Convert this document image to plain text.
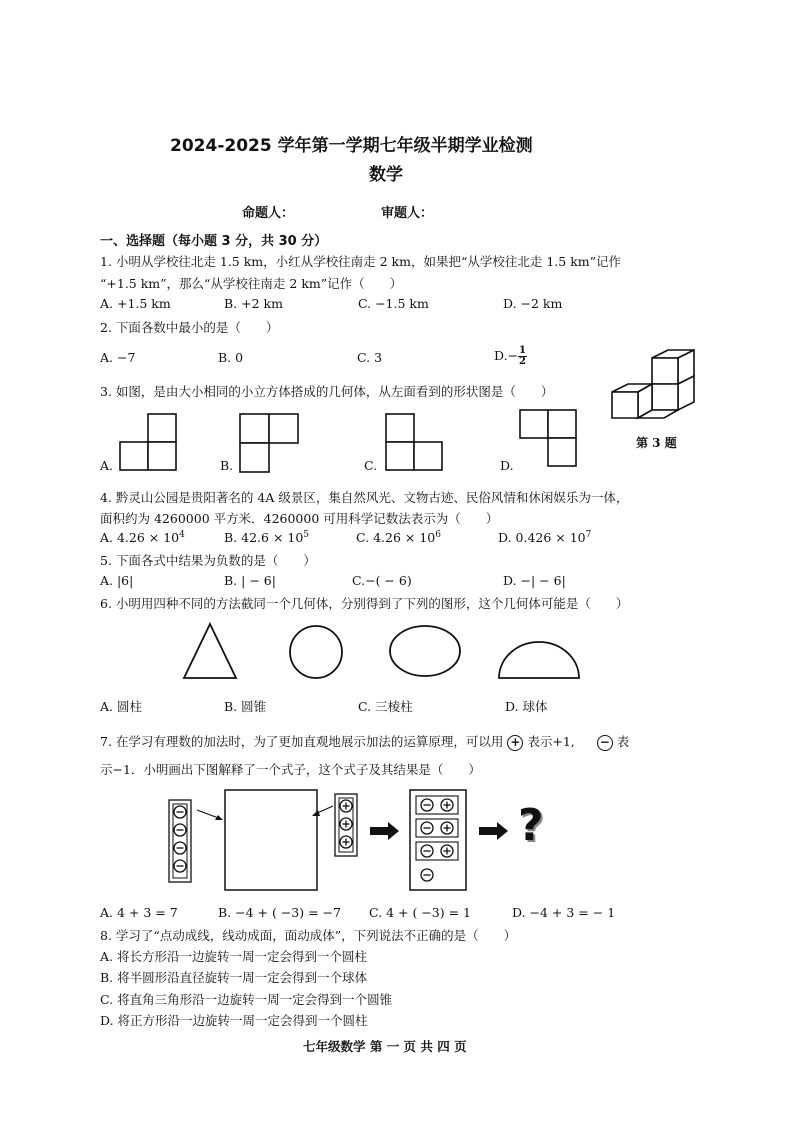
2024-2025 学年第一学期七年级半期学业检测
数学
命题人：	审题人：
一、选择题（每小题 3 分，共 30 分）
1. 小明从学校往北走 1.5 km，小红从学校往南走 2 km，如果把“从学校往北走 1.5 km”记作
“+1.5 km”，那么“从学校往南走 2 km”记作（　　）
A. +1.5 km	B. +2 km	C. −1.5 km	D. −2 km
2. 下面各数中最小的是（　　）
A. −7	B. 0	C. 3	$D.- \frac{1}{2}$
3. 如图，是由大小相同的小立方体搭成的几何体，从左面看到的形状图是（　　）
第 3 题
A.	B.	C.	D.
4. 黔灵山公园是贵阳著名的 4A 级景区，集自然风光、文物古迹、民俗风情和休闲娱乐为一体，
面积约为 4260000 平方米．4260000 可用科学记数法表示为（　　）
A. $4.26 \times 10^4$	B. $42.6 \times 10^5$	C. $4.26 \times 10^6$	D. $0.426 \times 10^7$
5. 下面各式中结果为负数的是（　　）
A. |6|	B. | − 6|	C.−( − 6)	D. −| − 6|
6. 小明用四种不同的方法截同一个几何体，分别得到了下列的图形，这个几何体可能是（　　）
A. 圆柱	B. 圆锥	C. 三棱柱	D. 球体
7. 在学习有理数的加法时，为了更加直观地展示加法的运算原理，可以用 + 表示+1, − 表
示−1．小明画出下图解释了一个式子，这个式子及其结果是（　　）
?
A. 4 + 3 = 7	B. −4 + ( −3) = −7 C. 4 + ( −3) = 1	D. −4 + 3 = − 1
8. 学习了“点动成线，线动成面，面动成体”，下列说法不正确的是（　　）
A. 将长方形沿一边旋转一周一定会得到一个圆柱
B. 将半圆形沿直径旋转一周一定会得到一个球体
C. 将直角三角形沿一边旋转一周一定会得到一个圆锥
D. 将正方形沿一边旋转一周一定会得到一个圆柱
七年级数学 第 一 页 共 四 页
